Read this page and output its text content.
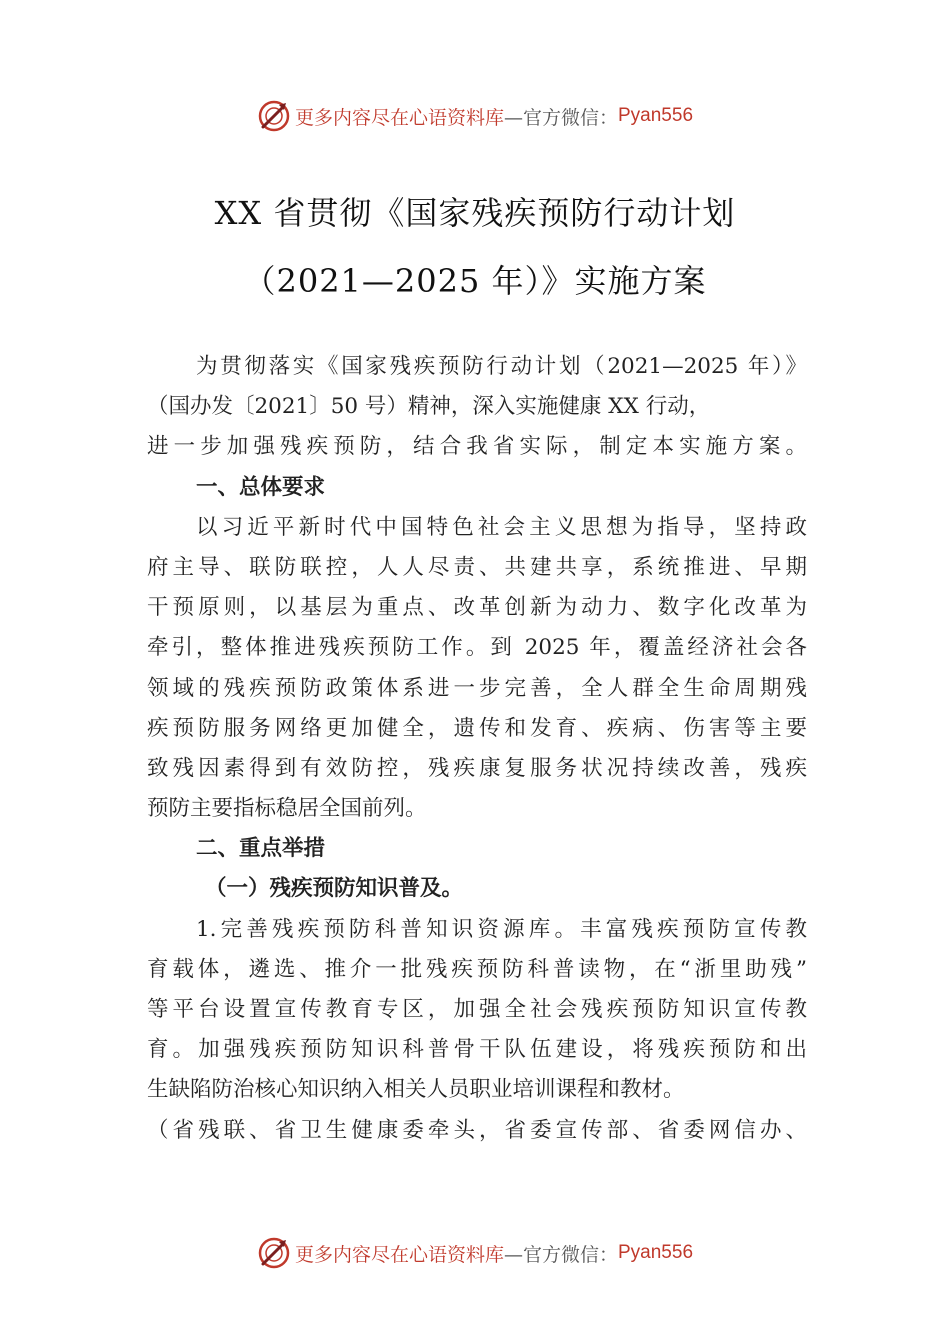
更多内容尽在心语资料库 —官方微信： Pyan556
XX 省贯彻《国家残疾预防行动计划
（2021—2025 年）》实施方案
为贯彻落实《国家残疾预防行动计划（2021—2025 年）》
（国办发〔2021〕50 号）精神，深入实施健康 XX 行动，
进一步加强残疾预防，结合我省实际，制定本实施方案。
一、总体要求
以习近平新时代中国特色社会主义思想为指导，坚持政
府主导、联防联控，人人尽责、共建共享，系统推进、早期
干预原则，以基层为重点、改革创新为动力、数字化改革为
牵引，整体推进残疾预防工作。到 2025 年，覆盖经济社会各
领域的残疾预防政策体系进一步完善，全人群全生命周期残
疾预防服务网络更加健全，遗传和发育、疾病、伤害等主要
致残因素得到有效防控，残疾康复服务状况持续改善，残疾
预防主要指标稳居全国前列。
二、重点举措
（一）残疾预防知识普及。
1.完善残疾预防科普知识资源库。丰富残疾预防宣传教
育载体，遴选、推介一批残疾预防科普读物，在“浙里助残”
等平台设置宣传教育专区，加强全社会残疾预防知识宣传教
育。加强残疾预防知识科普骨干队伍建设，将残疾预防和出
生缺陷防治核心知识纳入相关人员职业培训课程和教材。
（省残联、省卫生健康委牵头，省委宣传部、省委网信办、
更多内容尽在心语资料库 —官方微信： Pyan556
